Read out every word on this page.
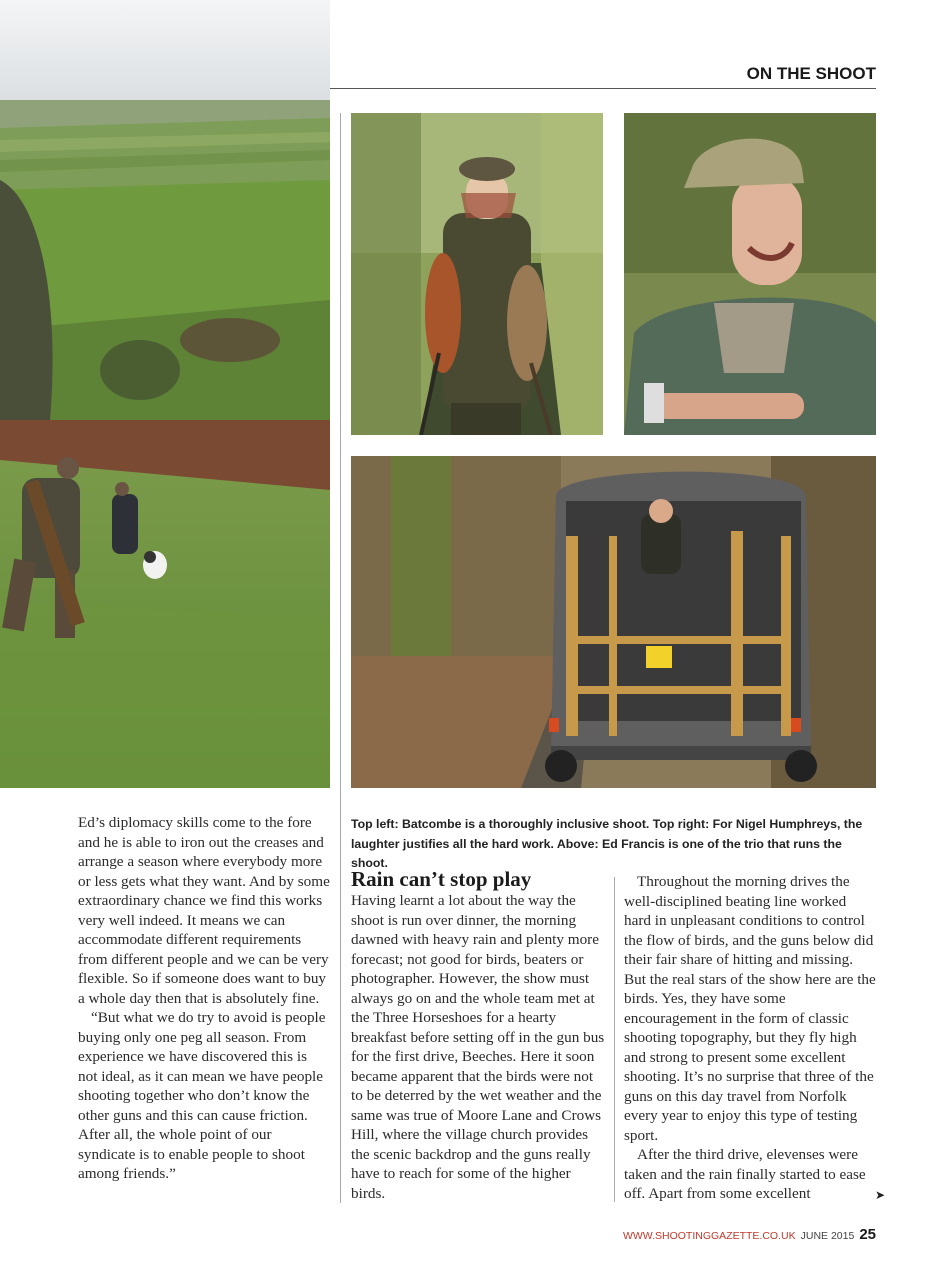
ON THE SHOOT
Top left: Batcombe is a thoroughly inclusive shoot. Top right: For Nigel Humphreys, the laughter justifies all the hard work. Above: Ed Francis is one of the trio that runs the shoot.

Ed’s diplomacy skills come to the fore and he is able to iron out the creases and arrange a season where everybody more or less gets what they want. And by some extraordinary chance we find this works very well indeed. It means we can accommodate different requirements from different people and we can be very flexible. So if someone does want to buy a whole day then that is absolutely fine.

“But what we do try to avoid is people buying only one peg all season. From experience we have discovered this is not ideal, as it can mean we have people shooting together who don’t know the other guns and this can cause friction. After all, the whole point of our syndicate is to enable people to shoot among friends.”

Rain can’t stop play

Having learnt a lot about the way the shoot is run over dinner, the morning dawned with heavy rain and plenty more forecast; not good for birds, beaters or photographer. However, the show must always go on and the whole team met at the Three Horseshoes for a hearty breakfast before setting off in the gun bus for the first drive, Beeches. Here it soon became apparent that the birds were not to be deterred by the wet weather and the same was true of Moore Lane and Crows Hill, where the village church provides the scenic backdrop and the guns really have to reach for some of the higher birds.

Throughout the morning drives the well-disciplined beating line worked hard in unpleasant conditions to control the flow of birds, and the guns below did their fair share of hitting and missing. But the real stars of the show here are the birds. Yes, they have some encouragement in the form of classic shooting topography, but they fly high and strong to present some excellent shooting. It’s no surprise that three of the guns on this day travel from Norfolk every year to enjoy this type of testing sport.

After the third drive, elevenses were taken and the rain finally started to ease off. Apart from some excellent	➤
WWW.SHOOTINGGAZETTE.CO.UK JUNE 2015 25
